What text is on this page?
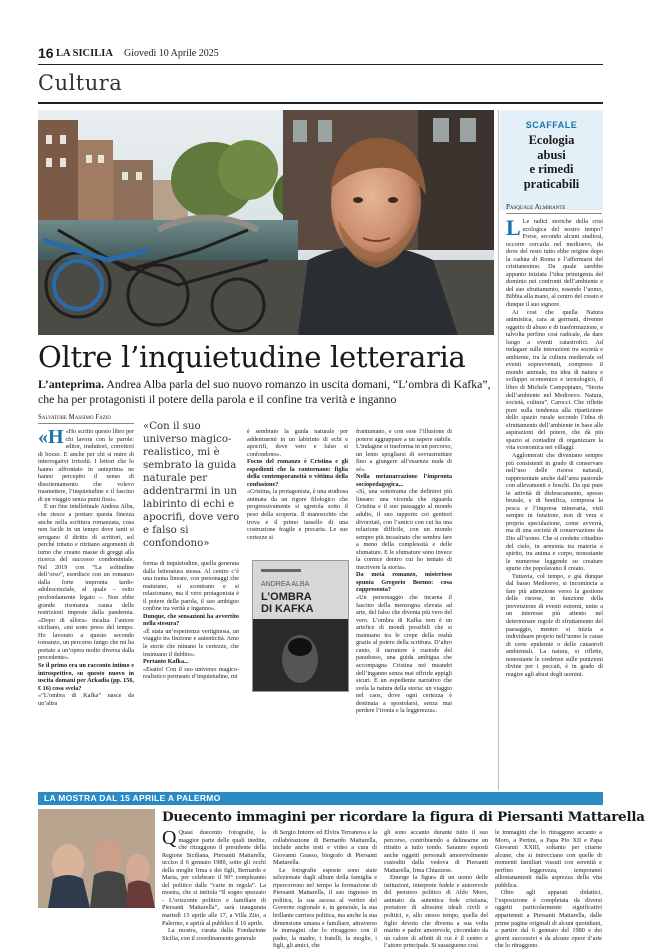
16 LA SICILIA Giovedì 10 Aprile 2025
Cultura
SCAFFALE
Ecologia
abusi
e rimedi
praticabili
Pasquale Almirante

L Le radici storiche della crisi ecologica del nostro tempo? Forse, secondo alcuni studiosi, occorre cercarla nel medioevo, da dove del resto tutto ebbe origine dopo la caduta di Roma e l’affermarsi del cristianesimo. Da quale sarebbe appunto iniziata l’idea primigenia del dominio nei confronti dell’ambiente e del suo sfruttamento, essendo l’uomo, Bibbia alla mano, al centro del creato e dunque il suo signore.

Ai cosi che quella Natura animistica, cara ai germani, divenne oggetto di abuso e di trasformazione, e talvolta perfino così radicale, da dare luogo a eventi catastrofici. Ad indagare sulle interazioni tra società e ambiente, tra la cultura medievale ed eventi sopravvenuti, compreso il mondo animale, tra idea di natura e sviluppo economico e tecnologico, il libro di Michele Campopiano, “Storia dell’ambiente nel Medioevo. Natura, società, cultura”, Carocci. Che riflette pure sulla tendenza alla ripartizione dello spazio rurale secondo l’idea di sfruttamento dell’ambiente in base alle aspirazioni del potere, che dà più spazio ai contadini di organizzare la vita economica nei villaggi.

Agglomerati che diventano sempre più consistenti in grado di conservare nell’uso delle risorse naturali, rappresentate anche dall’area pastorale con allevamenti e boschi. Da qui pure le attività di disboscamento, spesso brutale, e di bonifica, compresa la pesca e l’impresa mineraria, visti sempre in funzione, non di vera e propria speculazione, come avverrà, ma di una società di conservazione da Dio all’uomo. Che si credette cittadino del cielo, in armonia tra materia e spirito, tra anima e corpo, nonostante le numerose leggende su creature spurie che popolavano il creato.

Tuttavia, col tempo, e già dunque dal basso Medioevo, si incomincia a fare più attenzione verso la gestione delle risorse, in funzione della prevenzione di eventi estremi, unite a un interesse più attento nel determinare regole di sfruttamento del paesaggio, mentre si inizia a individuare proprio nell’uomo le cause di certe epidemie o delle catastrofi ambientali. La natura, si riflette, nonostante le credenze sulle punizioni divine per i peccati, è in grado di reagire agli abusi degli uomini.

Oltre l’inquietudine letteraria
L’anteprima. Andrea Alba parla del suo nuovo romanzo in uscita domani, “L’ombra di Kafka”, che ha per protagonisti il potere della parola e il confine tra verità e inganno
Salvatore Massimo Fazio

«H «Ho scritto questo libro per chi lavora con le parole: editor, traduttori, correttori di bozze. E anche per chi si nutre di interrogativi irrisolti. I lettori che lo hanno affrontato in anteprima ne hanno percepito il senso di disorientamento che volevo trasmettere, l’inquietudine e il fascino di un viaggio senza punti fissi».

È un fine intellettuale Andrea Alba, che riesce a portare questa finezza anche nella scrittura romanzata, cosa non facile in un tempo dove tanti si arrogano il diritto di scrittori, sol perché tritano e ritritano argomenti di turno che creano masse di greggi alla ricerca del successo condominiale. Nel 2019 con “La solitudine dell’orso”, esordisce con un romanzo dalla forte impronta tardo-adolescenziale, al quale – esito profondamente legato –. Non ebbe grande risonanza causa delle restrizioni imposte dalla pandemia. «Dopo di allora» incalza l’autore siciliano, «mi sono preso del tempo. Ho lavorato a questo secondo romanzo, un percorso lungo che mi ha portato a un’opera molto diversa dalla precedente».

Se il primo era un racconto intimo e introspettivo, su questo nuovo in uscita domani per Arkadia (pp. 156, € 16) cosa svela?

«“L’ombra di Kafka” nasce da un’altra

«Con il suo universo magico-realistico, mi è sembrato la guida naturale per addentrarmi in un labirinto di echi e apocrifi, dove vero e falso si confondono»

forma di inquietudine, quella generata dalla letteratura stessa. Al centro c’è una trama lineare, con personaggi che maturano, si scontrano e si relazionano, ma il vero protagonista è il potere della parola, il suo ambiguo confine tra verità e inganno».

Dunque, che sensazioni ha avvertito nella stesura?

«È stata un’esperienza vertiginosa, un viaggio tra finzione e autenticità. Amo le storie che minano le certezze, che insinuano il dubbio».

Pertanto Kafka...

«Esatto! Con il suo universo magico-realistico permeato d’inquietudine, mi

è sembrato la guida naturale per addentrarmi in un labirinto di echi e apocrifi, dove vero e falso si confondono».

Focus del romanzo è Cristina e gli espedienti che la contornano: figlia della contemporaneità o vittima della confusione?

«Cristina, la protagonista, è una studiosa animata da un rigore filologico che progressivamente si sgretola sotto il peso della scoperta. Il manoscritto che trova e il primo tassello di una costruzione fragile e precaria. Le sue certezze si

ANDREA ALBA
L’OMBRA
DI KAFKA

frantumano, e con esse l’illusione di potersi aggrappare a un sapere stabile. L’indagine si trasforma in un percorso, un lento spogliarsi di sovrastrutture fino a giungere all’essenza nuda di sé».

Nella metanarrazione l’impronta sociopedagogica...

«Sì, una sottotrama che definirei più lineare: una vicenda che riguarda Cristina e il suo passaggio al mondo adulto, il suo rapporto coi genitori divorziati, con l’amico con cui ha una relazione difficile, con un mondo sempre più incasinato che sembra fare a meno della complessità e delle sfumature. E le sfumature sono invece la cornice dentro cui ho tentato di inscrivere la storia».

Da metà romanzo, misterioso spunta Gregorio Boemo: cosa rappresenta?

«Un personaggio che incarna il fascino della menzogna elevata ad arte, del falso che diventa più vero del vero. L’ombra di Kafka non è un artefice di mondi possibili che si insinuano tra le crepe della realtà grazie al potere della scrittura. D’altro canto, il narratore è custode del paradosso, una guida ambigua che accompagna Cristina nei meandri dell’inganno senza mai offrirle appigli sicuri. È un espediente narrativo che svela la natura della storia: un viaggio nel caos, dove ogni certezza è destinata a spostolarsi, senza mai perdere l’ironia e la leggerezza».

LA MOSTRA DAL 15 APRILE A PALERMO
Duecento immagini per ricordare la figura di Piersanti Mattarella

Q Quasi duecento fotografie, la maggior parte delle quali inedite, che ritraggono il presidente della Regione Siciliana, Piersanti Mattarella, ucciso il 6 gennaio 1980, sotto gli occhi della moglie Irma e dei figli, Bernardo e Maria, per celebrare il 90° compleanno del politico dalle “carte in regola”. La mostra, che si intitola “Il sogno spezzato - L’orizzonte politico e familiare di Piersanti Mattarella”, sarà inaugurata martedì 15 aprile alle 17, a Villa Zito, a Palermo, e aprirà al pubblico il 16 aprile.

La mostra, curata dalla Fondazione Sicilia, con il coordinamento generale

di Sergio Intorre ed Elvira Terranova e la collaborazione di Bernardo Mattarella, include anche testi e video a cura di Giovanni Grasso, biografo di Piersanti Mattarella.

Le fotografie esposte sono state selezionate dagli album della famiglia e ripercorrono nel tempo la formazione di Piersanti Mattarella, il suo ingresso in politica, la sua ascesa al vertice del Governo regionale e, in generale, la sua brillante carriera politica, ma anche la sua dimensione umana e familiare, attraverso le immagini che lo ritraggono con il padre, la madre, i fratelli, la moglie, i figli, gli amici, che

gli sono accanto durante tutto il suo percorso, contribuendo a delinearne un ritratto a tutto tondo. Saranno esposti anche oggetti personali amorevolmente custoditi dalla vedova di Piersanti Mattarella, Irma Chiazzese.

Emerge la figura di un uomo delle istituzioni, interprete fedele e autorevole del pensiero politico di Aldo Moro, animato da autentica fede cristiana, portatore di altissimi ideali civili e politici, e, allo stesso tempo, quella del figlio devoto che diventa a sua volta marito e padre amorevole, circondato da un calore di affetti di cui è il centro e l’attore principale. Si susseguono così

le immagini che lo ritraggono accanto a Moro, a Pertini, a Papa Pio XII e Papa Giovanni XXIII, soltanto per citarne alcune, che si intrecciano con quelle di momenti familiari vissuti con serenità e perfino leggerezza, temporanei allontanamenti dalla asprezza della vita pubblica.

Oltre agli apparati didattici, l’esposizione è completata da diversi oggetti particolarmente significativi appartenuti a Piersanti Mattarella, dalle prime pagine originali di alcuni quotidiani, a partire dal 6 gennaio del 1980 e dei giorni successivi e da alcune opere d’arte che lo ritraggono.
